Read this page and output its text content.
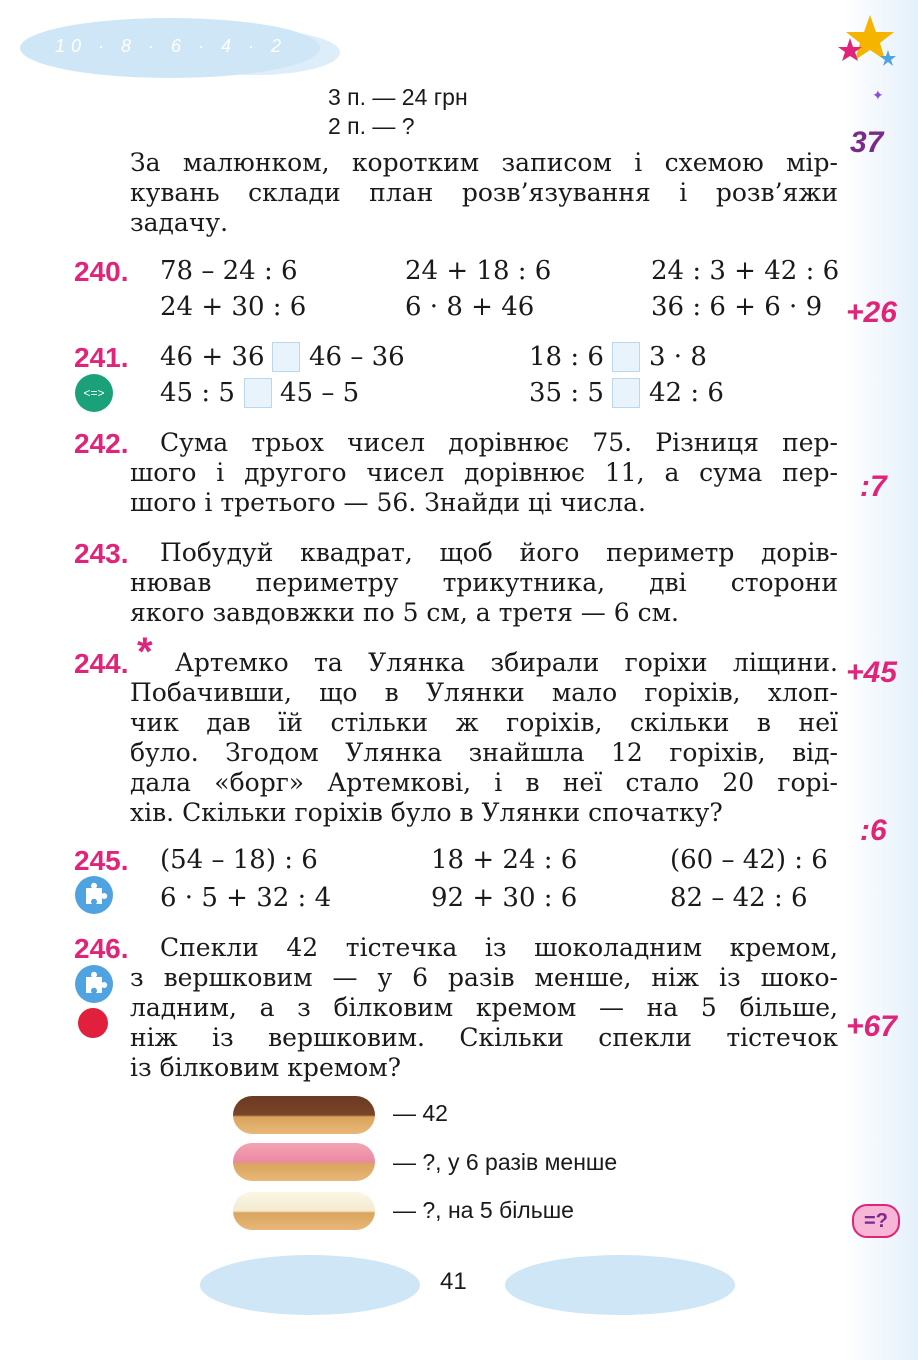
10 · 8 · 6 · 4 · 2
✦
3 п. — 24 грн
2 п. — ?
За малюнком, коротким записом і схемою мір-
кувань склади план розв’язування і розв’яжи
задачу.
240. 78 – 24 : 6	24 + 18 : 6	24 : 3 + 42 : 6
24 + 30 : 6	6 · 8 + 46	36 : 6 + 6 · 9
241.
<=>
46 + 36 46 – 36	18 : 6 3 · 8
45 : 5 45 – 5	35 : 5 42 : 6
242. Сума трьох чисел дорівнює 75. Різниця пер-
шого і другого чисел дорівнює 11, а сума пер-
шого і третього — 56. Знайди ці числа.
243. Побудуй квадрат, щоб його периметр дорів-
нював периметру трикутника, дві сторони
якого завдовжки по 5 см, а третя — 6 см.
244. * Артемко та Улянка збирали горіхи ліщини.
Побачивши, що в Улянки мало горіхів, хлоп-
чик дав їй стільки ж горіхів, скільки в неї
було. Згодом Улянка знайшла 12 горіхів, від-
дала «борг» Артемкові, і в неї стало 20 горі-
хів. Скільки горіхів було в Улянки спочатку?
245. (54 – 18) : 6	18 + 24 : 6	(60 – 42) : 6
6 · 5 + 32 : 4	92 + 30 : 6	82 – 42 : 6
246. Спекли 42 тістечка із шоколадним кремом,
з вершковим — у 6 разів менше, ніж із шоко-
ладним, а з білковим кремом — на 5 більше,
ніж із вершковим. Скільки спекли тістечок
із білковим кремом?
— 42
— ?, у 6 разів менше
— ?, на 5 більше
37
+26
:7
+45
:6
+67
=?
41
